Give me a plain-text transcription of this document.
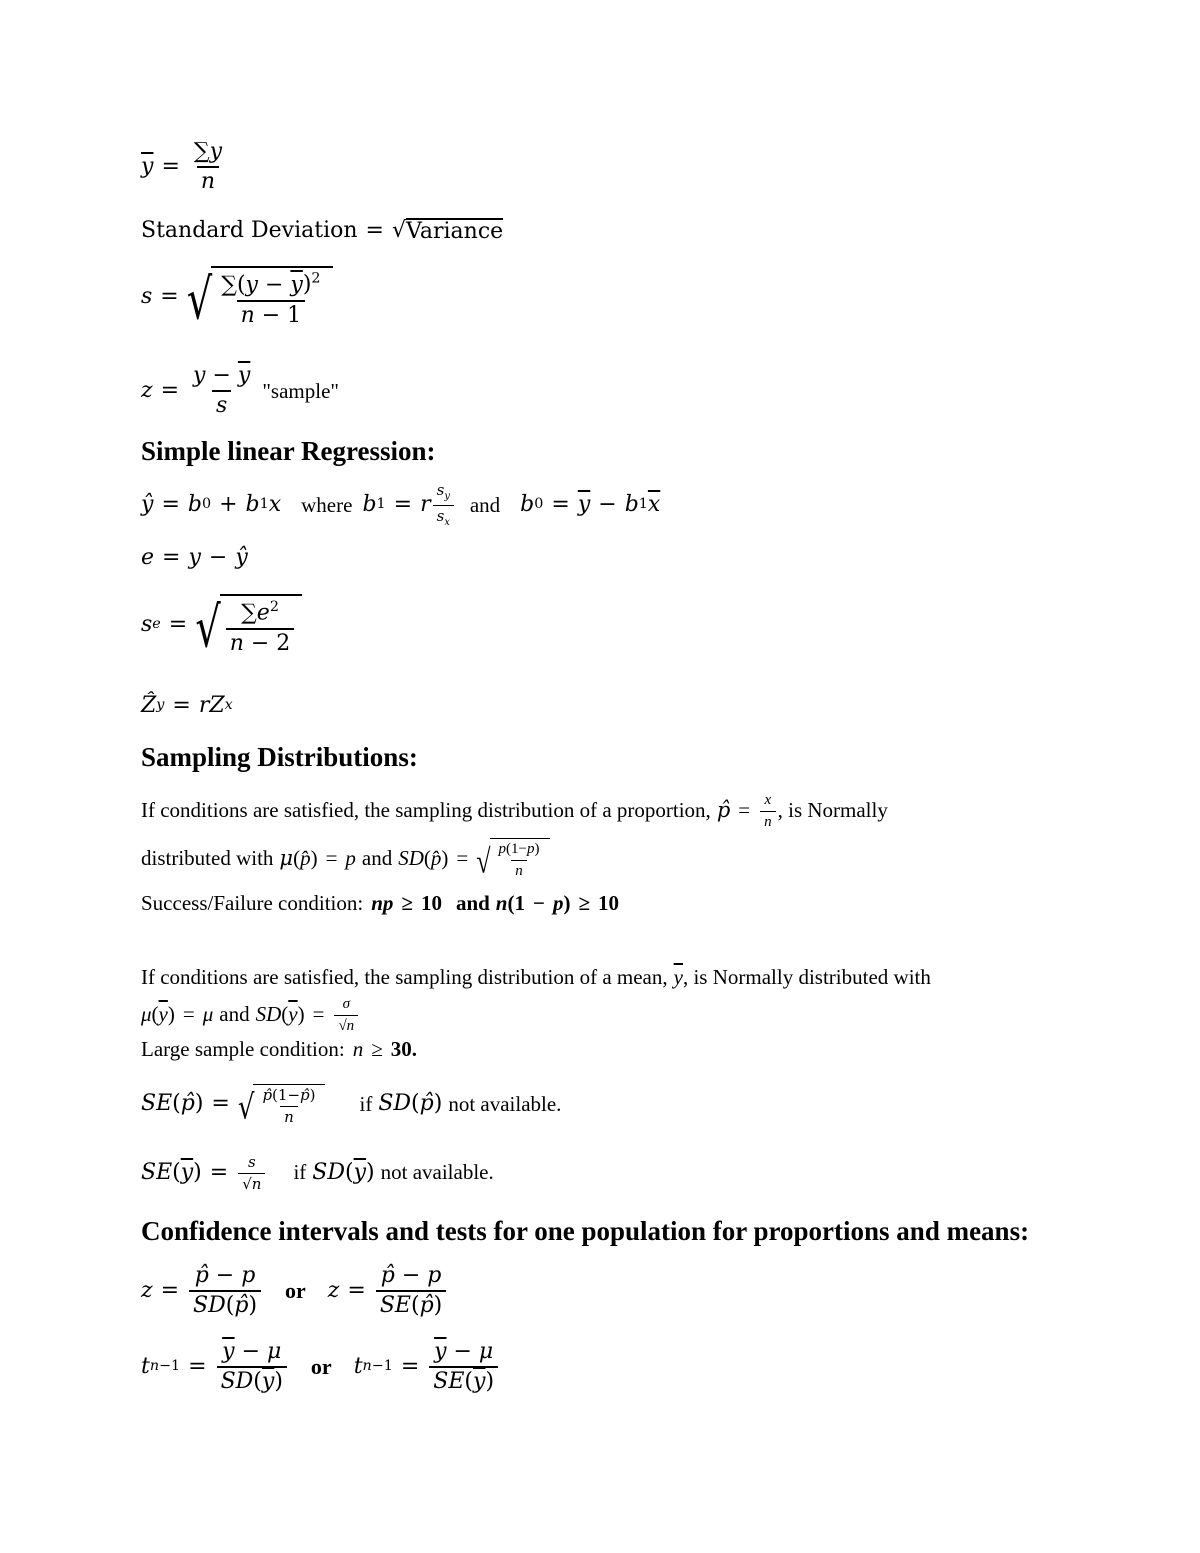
$\overline{y} = \frac{\sum y}{n}$
Standard Deviation = √ Variance
s = √ $\frac{\sum(y - \overline{y})^2}{n - 1}$
$z = \frac{y - \overline{y}}{s}$ "sample"
Simple linear Regression:
ŷ = b 0 + b 1 x where b 1 = r $\frac{s_y}{s_x}$ and b $0 = \overline{y} - b$ 1 $\overline{x}$
e = y − ŷ
s e = √ $\frac{\sum e^2}{n - 2}$
Ẑ y = rZ x
Sampling Distributions:
If conditions are satisfied, the sampling distribution of a proportion, p̂ = $\frac{x}{n}$ , is Normally
distributed with μ ( p̂ ) = p and SD ( p̂ ) = √ $\frac{p(1-p)}{n}$
Success/Failure condition: np ≥ 10 and n (1 − p ) ≥ 10
If conditions are satisfied, the sampling distribution of a mean, $\overline{y}$ , is Normally distributed with
μ ( $\overline{y}$ ) = μ and SD ( $\overline{y}$ ) = $\frac{\sigma}{√n}$
Large sample condition: n ≥ 30.
SE ( p̂ ) = √ $\frac{p̂(1-p̂)}{n}$ if SD ( p̂ ) not available.
SE ( $\overline{y}$ ) = $\frac{s}{√n}$ if SD ( $\overline{y}$ ) not available.
Confidence intervals and tests for one population for proportions and means:
$z = \frac{p̂ - p}{SD(p̂)}$ or $z = \frac{p̂ - p}{SE(p̂)}$
t $n-1 = \frac{\overline{y} - \mu}{SD(\overline{y})}$ or t $n-1 = \frac{\overline{y} - \mu}{SE(\overline{y})}$
